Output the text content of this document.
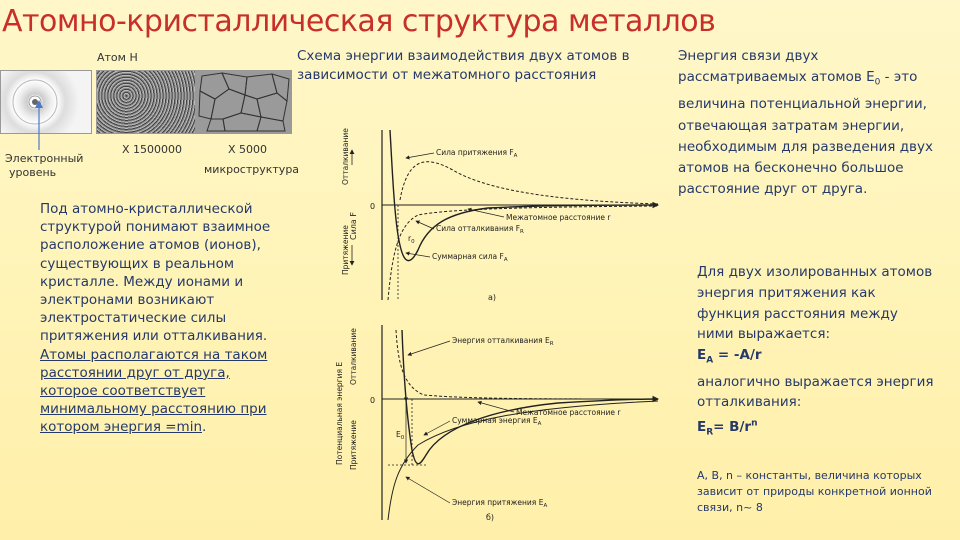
Атомно-кристаллическая структура металлов
Атом Н
Электронный
уровень
Х 1500000	Х 5000
микроструктура
Под атомно-кристаллической структурой понимают взаимное расположение атомов (ионов), существующих в реальном кристалле. Между ионами и электронами возникают электростатические силы притяжения или отталкивания. Атомы располагаются на таком расстоянии друг от друга, которое соответствует минимальному расстоянию при котором энергия =min.
Схема энергии взаимодействия двух атомов в зависимости от межатомного расстояния
0
Сила F
Отталкивание
Притяжение
Сила притяжения $F_A$
Межатомное расстояние r
Сила отталкивания $F_R$
$r_0$
Суммарная сила $F_A$
а)
0
Потенциальная энергия E
Отталкивание
Притяжение	$E_0$
Энергия отталкивания $E_R$
Межатомное расстояние r
Суммарная энергия $E_A$
Энергия притяжения $E_A$
б)
Энергия связи двух рассматриваемых атомов $E_0$ - это величина потенциальной энергии, отвечающая затратам энергии, необходимым для разведения двух атомов на бесконечно большое расстояние друг от друга.
Для двух изолированных атомов энергия притяжения как функция расстояния между ними выражается:
$E_A = -A/r$
аналогично выражается энергия отталкивания:
$E_R= B/r^n$
A, B, n – константы, величина которых зависит от природы конкретной ионной связи, n~ 8
